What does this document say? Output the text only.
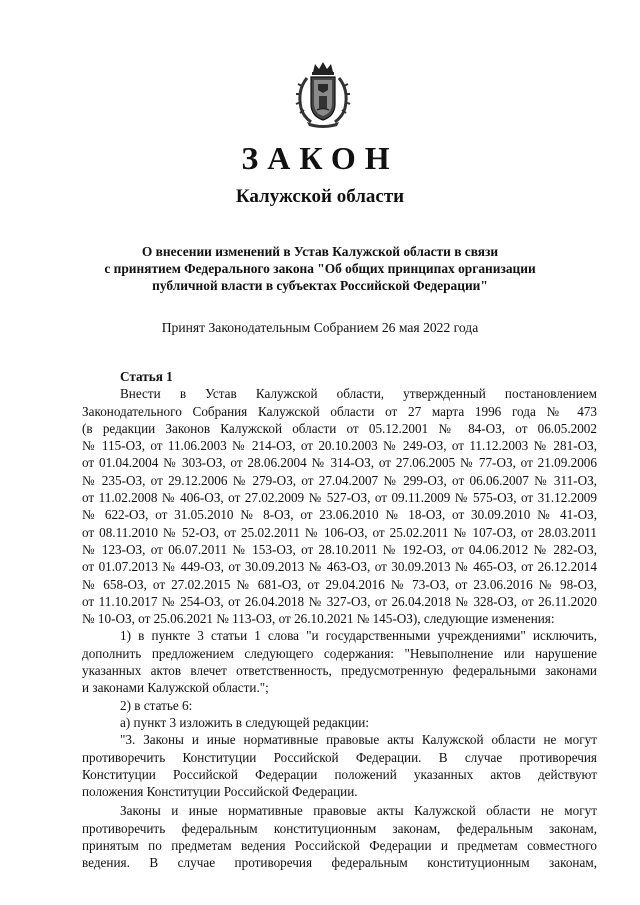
ЗАКОН
Калужской области
О внесении изменений в Устав Калужской области в связи
с принятием Федерального закона "Об общих принципах организации
публичной власти в субъектах Российской Федерации"
Принят Законодательным Собранием 26 мая 2022 года
Статья 1
Внести в Устав Калужской области, утвержденный постановлением
Законодательного Собрания Калужской области от 27 марта 1996 года № 473
(в редакции Законов Калужской области от 05.12.2001 № 84-ОЗ, от 06.05.2002
№ 115-ОЗ, от 11.06.2003 № 214-ОЗ, от 20.10.2003 № 249-ОЗ, от 11.12.2003 № 281-ОЗ,
от 01.04.2004 № 303-ОЗ, от 28.06.2004 № 314-ОЗ, от 27.06.2005 № 77-ОЗ, от 21.09.2006
№ 235-ОЗ, от 29.12.2006 № 279-ОЗ, от 27.04.2007 № 299-ОЗ, от 06.06.2007 № 311-ОЗ,
от 11.02.2008 № 406-ОЗ, от 27.02.2009 № 527-ОЗ, от 09.11.2009 № 575-ОЗ, от 31.12.2009
№ 622-ОЗ, от 31.05.2010 № 8-ОЗ, от 23.06.2010 № 18-ОЗ, от 30.09.2010 № 41-ОЗ,
от 08.11.2010 № 52-ОЗ, от 25.02.2011 № 106-ОЗ, от 25.02.2011 № 107-ОЗ, от 28.03.2011
№ 123-ОЗ, от 06.07.2011 № 153-ОЗ, от 28.10.2011 № 192-ОЗ, от 04.06.2012 № 282-ОЗ,
от 01.07.2013 № 449-ОЗ, от 30.09.2013 № 463-ОЗ, от 30.09.2013 № 465-ОЗ, от 26.12.2014
№ 658-ОЗ, от 27.02.2015 № 681-ОЗ, от 29.04.2016 № 73-ОЗ, от 23.06.2016 № 98-ОЗ,
от 11.10.2017 № 254-ОЗ, от 26.04.2018 № 327-ОЗ, от 26.04.2018 № 328-ОЗ, от 26.11.2020
№ 10-ОЗ, от 25.06.2021 № 113-ОЗ, от 26.10.2021 № 145-ОЗ), следующие изменения:
1) в пункте 3 статьи 1 слова "и государственными учреждениями" исключить,
дополнить предложением следующего содержания: "Невыполнение или нарушение
указанных актов влечет ответственность, предусмотренную федеральными законами
и законами Калужской области.";
2) в статье 6:
а) пункт 3 изложить в следующей редакции:
"3. Законы и иные нормативные правовые акты Калужской области не могут
противоречить Конституции Российской Федерации. В случае противоречия
Конституции Российской Федерации положений указанных актов действуют
положения Конституции Российской Федерации.
Законы и иные нормативные правовые акты Калужской области не могут
противоречить федеральным конституционным законам, федеральным законам,
принятым по предметам ведения Российской Федерации и предметам совместного
ведения. В случае противоречия федеральным конституционным законам,
